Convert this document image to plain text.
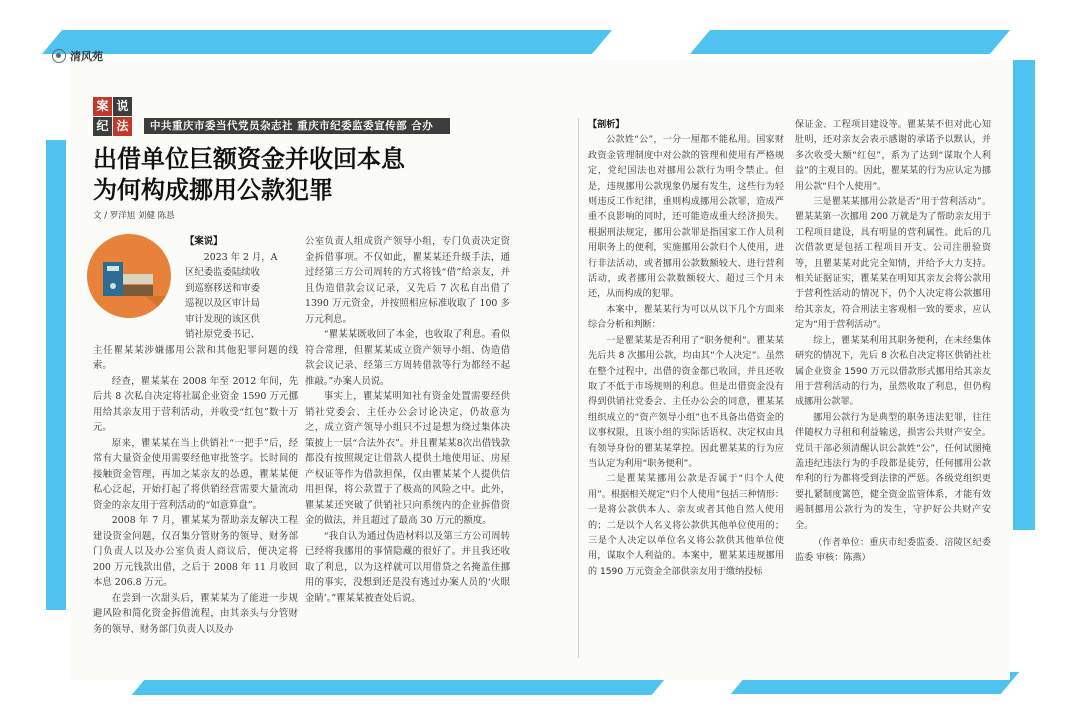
清风苑
案 说
纪 法	中共重庆市委当代党员杂志社 重庆市纪委监委宣传部 合办
出借单位巨额资金并收回本息
为何构成挪用公款犯罪
文 / 罗洋旭 刘健 陈恳
【案说】
2023 年 2 月，A
区纪委监委陆续收
到巡察移送和审委
巡视以及区审计局
审计发现的该区供
销社原党委书记、

主任瞿某某涉嫌挪用公款和其他犯罪问题的线索。

经查，瞿某某在 2008 年至 2012 年间，先后共 8 次私自决定将社属企业资金 1590 万元挪用给其亲友用于营利活动，并收受“红包”数十万元。

原来，瞿某某在当上供销社“一把手”后，经常有大量资金使用需要经他审批签字。长时间的接触资金管理，再加之某亲友的怂恿，瞿某某便私心泛起，开始打起了将供销经营需要大量流动资金的亲友用于营利活动的“如意算盘”。

2008 年 7 月，瞿某某为帮助亲友解决工程建设资金问题，仅召集分管财务的领导、财务部门负责人以及办公室负责人商议后，便决定将 200 万元钱款出借，之后于 2008 年 11 月收回本息 206.8 万元。

在尝到一次甜头后，瞿某某为了能进一步规避风险和简化资金拆借流程，由其亲头与分管财务的领导、财务部门负责人以及办

公室负责人组成资产领导小组，专门负责决定资金拆借事项。不仅如此，瞿某某还升级手法，通过经第三方公司周转的方式将钱“借”给亲友，并且伪造借款会议记录，又先后 7 次私自出借了 1390 万元资金，并按照相应标准收取了 100 多万元利息。

“瞿某某既收回了本金，也收取了利息。看似符合常理，但瞿某某成立资产领导小组、伪造借款会议记录、经第三方周转借款等行为都经不起推敲。”办案人员说。

事实上，瞿某某明知社有资金处置需要经供销社党委会、主任办公会讨论决定，仍故意为之，成立资产领导小组只不过是想为绕过集体决策披上一层“合法外衣”。并且瞿某某8次出借钱款都没有按照规定让借款人提供土地使用证、房屋产权证等作为借款担保，仅由瞿某某个人提供信用担保，将公款置于了极高的风险之中。此外，瞿某某还突破了供销社只向系统内的企业拆借资金的做法，并且超过了最高 30 万元的额度。

“我自认为通过伪造材料以及第三方公司周转已经将我挪用的事情隐藏的很好了。并且我还收取了利息，以为这样就可以用借贷之名掩盖住挪用的事实，没想到还是没有逃过办案人员的‘火眼金睛’。”瞿某某被查处后说。

【剖析】

公款姓“公”，一分一厘都不能私用。国家财政资金管理制度中对公款的管理和使用有严格规定，党纪国法也对挪用公款行为明令禁止。但是，违规挪用公款现象仍屡有发生，这些行为轻则违反工作纪律，重则构成挪用公款罪，造成严重不良影响的同时，还可能造成重大经济损失。根据刑法规定，挪用公款罪是指国家工作人员利用职务上的便利，实施挪用公款归个人使用，进行非法活动，或者挪用公款数额较大、进行营利活动，或者挪用公款数额较大、超过三个月未还，从而构成的犯罪。

本案中，瞿某某行为可以从以下几个方面来综合分析和判断：

一是瞿某某是否利用了“职务便利”。瞿某某先后共 8 次挪用公款，均由其“个人决定”。虽然在整个过程中，出借的资金都已收回，并且还收取了不低于市场规则的利息。但是出借资金没有得到供销社党委会、主任办公会的同意，瞿某某组织成立的“资产领导小组”也不具备出借资金的议事权限，且该小组的实际话语权、决定权由具有领导身份的瞿某某掌控。因此瞿某某的行为应当认定为利用“职务便利”。

二是瞿某某挪用公款是否属于“归个人使用”。根据相关规定“归个人使用”包括三种情形：一是将公款供本人、亲友或者其他自然人使用的；二是以个人名义将公款供其他单位使用的；三是个人决定以单位名义将公款供其他单位使用，谋取个人利益的。本案中，瞿某某违规挪用的 1590 万元资金全部供亲友用于缴纳投标

保证金、工程项目建设等。瞿某某不但对此心知肚明，还对亲友会表示感谢的承诺予以默认，并多次收受大额“红包”，系为了达到“谋取个人利益”的主观目的。因此，瞿某某的行为应认定为挪用公款“归个人使用”。

三是瞿某某挪用公款是否“用于营利活动”。瞿某某第一次挪用 200 万就是为了帮助亲友用于工程项目建设，具有明显的营利属性。此后的几次借款更是包括工程项目开支、公司注册验资等，且瞿某某对此完全知情，并给予大力支持。相关证据证实，瞿某某在明知其亲友会将公款用于营利性活动的情况下，仍个人决定将公款挪用给其亲友，符合刑法主客观相一致的要求，应认定为“用于营利活动”。

综上，瞿某某利用其职务便利，在未经集体研究的情况下，先后 8 次私自决定将区供销社社属企业资金 1590 万元以借款形式挪用给其亲友用于营利活动的行为，虽然收取了利息，但仍构成挪用公款罪。

挪用公款行为是典型的职务违法犯罪，往往伴随权力寻租和利益输送，损害公共财产安全。党员干部必须清醒认识公款姓“公”，任何试图掩盖违纪违法行为的手段都是徒劳，任何挪用公款牟利的行为都将受到法律的严惩。各级党组织更要扎紧制度篱笆，健全资金监管体系，才能有效遏制挪用公款行为的发生，守护好公共财产安全。

（作者单位：重庆市纪委监委、涪陵区纪委监委 审核：陈燕）
